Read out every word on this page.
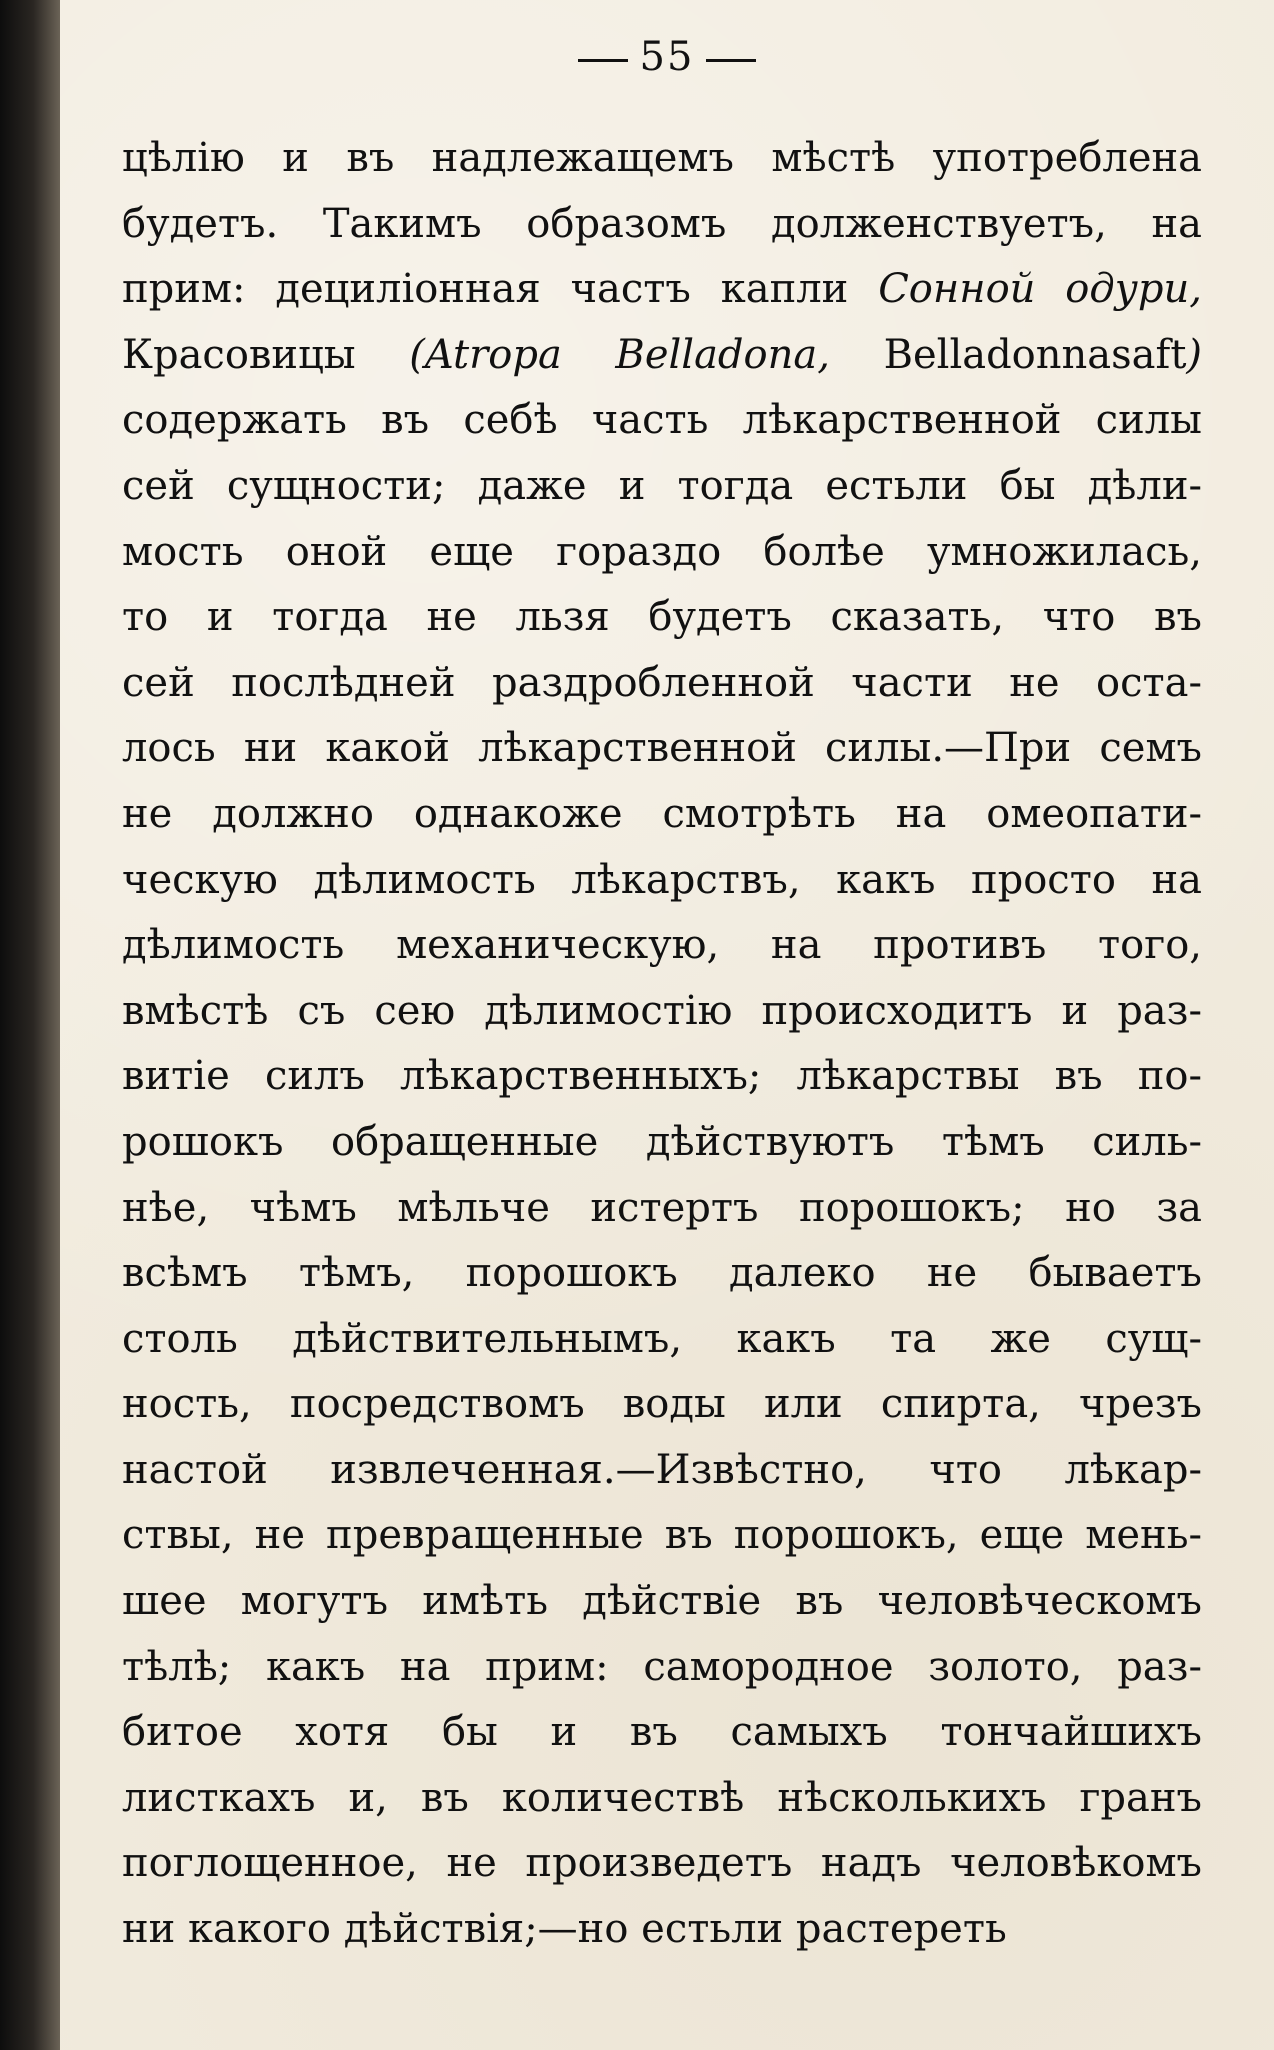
55
цѣлію и въ надлежащемъ мѣстѣ употреблена
будетъ. Такимъ образомъ долженствуетъ, на
прим: дециліонная частъ капли Сонной одури,
Красовицы (Atropa Belladona, Belladonnasaft)
содержать въ себѣ часть лѣкарственной силы
сей сущности; даже и тогда естьли бы дѣли-
мость оной еще гораздо болѣе умножилась,
то и тогда не льзя будетъ сказать, что въ
сей послѣдней раздробленной части не оста-
лось ни какой лѣкарственной силы.—При семъ
не должно однакоже смотрѣть на омеопати-
ческую дѣлимость лѣкарствъ, какъ просто на
дѣлимость механическую, на противъ того,
вмѣстѣ съ сею дѣлимостію происходитъ и раз-
витіе силъ лѣкарственныхъ; лѣкарствы въ по-
рошокъ обращенные дѣйствуютъ тѣмъ силь-
нѣе, чѣмъ мѣльче истертъ порошокъ; но за
всѣмъ тѣмъ, порошокъ далеко не бываетъ
столь дѣйствительнымъ, какъ та же сущ-
ность, посредствомъ воды или спирта, чрезъ
настой извлеченная.—Извѣстно, что лѣкар-
ствы, не превращенные въ порошокъ, еще мень-
шее могутъ имѣть дѣйствіе въ человѣческомъ
тѣлѣ; какъ на прим: самородное золото, раз-
битое хотя бы и въ самыхъ тончайшихъ
листкахъ и, въ количествѣ нѣсколькихъ гранъ
поглощенное, не произведетъ надъ человѣкомъ
ни какого дѣйствія;—но естьли растереть
